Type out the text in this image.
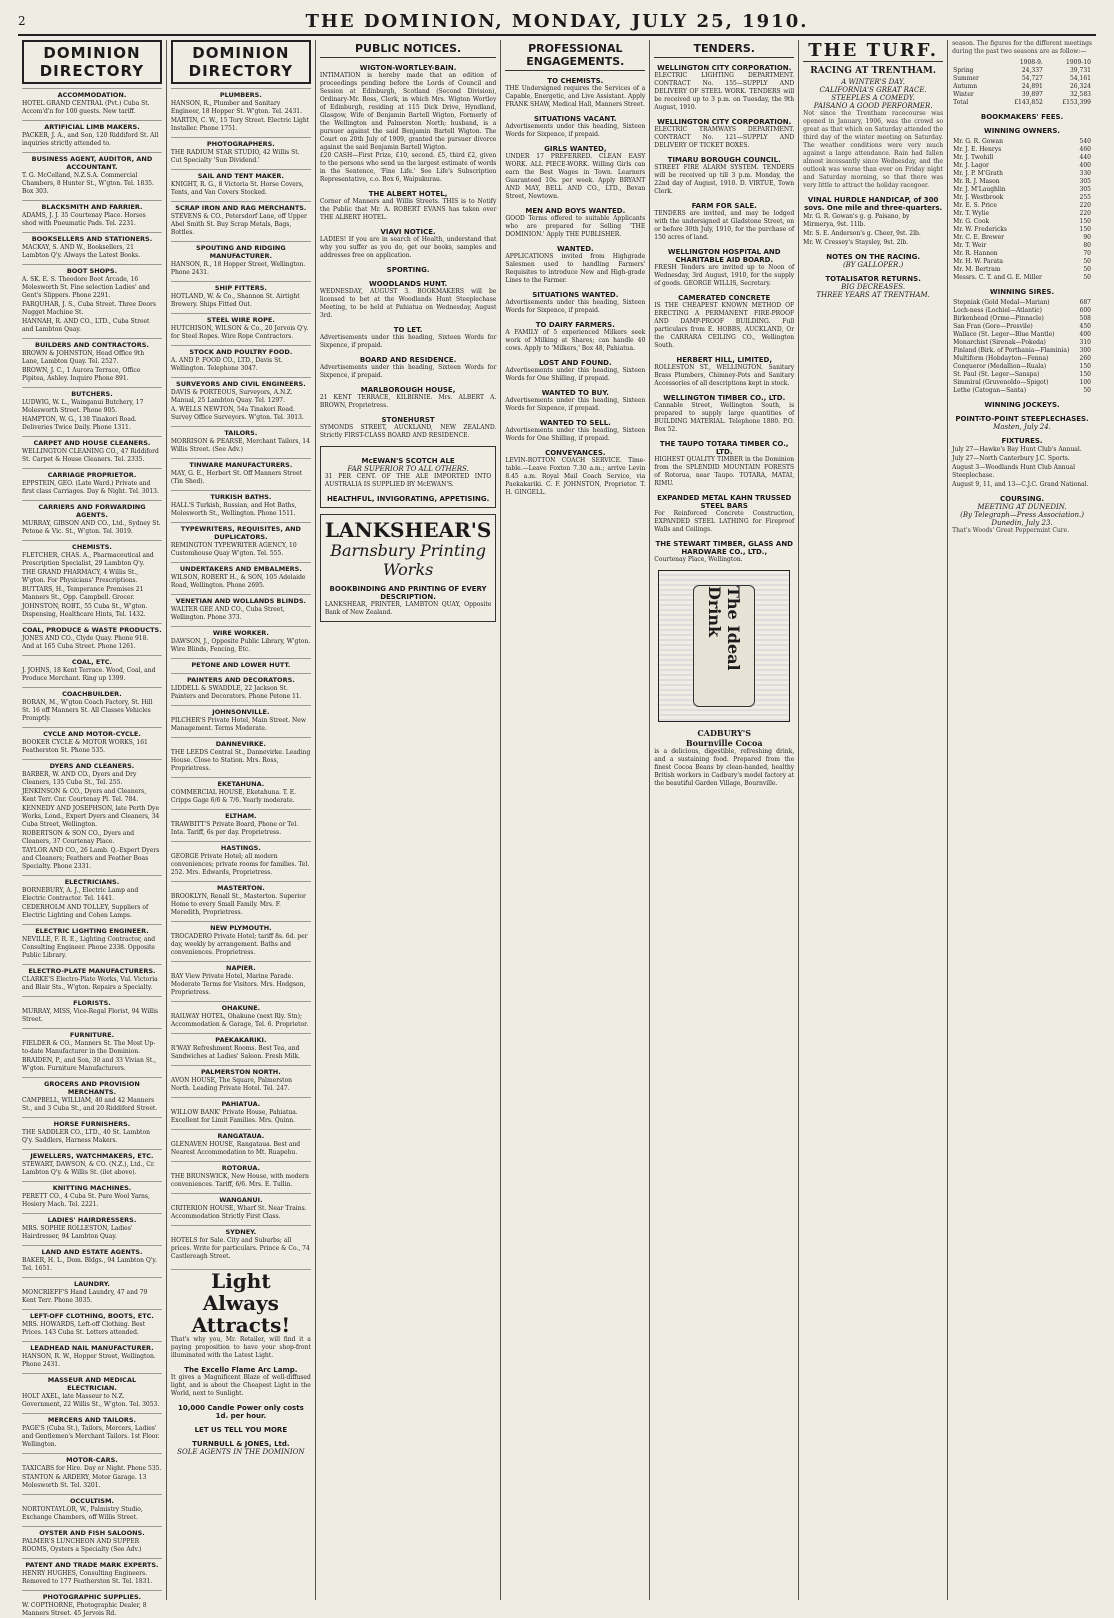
2	THE DOMINION, MONDAY, JULY 25, 1910.
DOMINION DIRECTORY
ACCOMMODATION.
HOTEL GRAND CENTRAL (Pvt.) Cuba St. Accom'd'n for 100 guests. New tariff.
ARTIFICIAL LIMB MAKERS.
PACKER, J. A., and Son, 120 Riddiford St. All inquiries strictly attended to.
BUSINESS AGENT, AUDITOR, AND ACCOUNTANT.
T. G. McCelland, N.Z.S.A. Commercial Chambers, 8 Hunter St., W'gton. Tel. 1835. Box 303.
BLACKSMITH AND FARRIER.
ADAMS, J. J. 35 Courtenay Place. Horses shod with Pneumatic Pads. Tel. 2231.
BOOKSELLERS AND STATIONERS.
MACKAY, S. AND W., Booksellers, 21 Lambton Q'y. Always the Latest Books.
BOOT SHOPS.
A. SK. E. S. Theodore Boot Arcade, 16 Molesworth St. Fine selection Ladies' and Gent's Slippers. Phone 2291.
FARQUHAR, J. S., Cuba Street. Three Doors Nugget Machine St.
HANNAH, R. AND CO., LTD., Cuba Street and Lambton Quay.
BUILDERS AND CONTRACTORS.
BROWN & JOHNSTON, Head Office 9th Lane, Lambton Quay. Tel. 2527.
BROWN, J. C., 1 Aurora Terrace, Office Pipitea, Ashley. Inquire Phone 891.
BUTCHERS.
LUDWIG, W. L., Wainganui Butchery, 17 Molesworth Street. Phone 905.
HAMPTON, W. G., 138 Tinakori Road. Deliveries Twice Daily. Phone 1311.
CARPET AND HOUSE CLEANERS.
WELLINGTON CLEANING CO., 47 Riddiford St. Carpet & House Cleaners. Tel. 2335.
CARRIAGE PROPRIETOR.
EPPSTEIN, GEO. (Late Ward.) Private and first class Carriages. Day & Night. Tel. 3013.
CARRIERS AND FORWARDING AGENTS.
MURRAY, GIBSON AND CO., Ltd., Sydney St. Petone & Vic. St., W'gton. Tel. 3019.
CHEMISTS.
FLETCHER, CHAS. A., Pharmaceutical and Prescription Specialist, 29 Lambton Q'y.
THE GRAND PHARMACY, 4 Willis St., W'gton. For Physicians' Prescriptions.
BUTTARS, H., Temperance Premises 21 Manners St., Opp. Campbell. Grocer.
JOHNSTON, ROBT., 55 Cuba St., W'gton. Dispensing, Healthcare Hints, Tel. 1432.
COAL, PRODUCE & WASTE PRODUCTS.
JONES AND CO., Clyde Quay. Phone 918. And at 165 Cuba Street. Phone 1261.
COAL, ETC.
J. JOHNS, 18 Kent Terrace. Wood, Coal, and Produce Merchant. Ring up 1399.
COACHBUILDER.
BORAN, M., W'gton Coach Factory, St. Hill St. 16 off Manners St. All Classes Vehicles Promptly.
CYCLE AND MOTOR-CYCLE.
BOOKER CYCLE & MOTOR WORKS, 161 Featherston St. Phone 535.
DYERS AND CLEANERS.
BARBER, W. AND CO., Dyers and Dry Cleaners, 135 Cuba St., Tel. 255.
JENKINSON & CO., Dyers and Cleaners, Kent Terr. Cnr. Courtenay Pl. Tel. 784.
KENNEDY AND JOSEPHSON, late Perth Dye Works, Lond., Expert Dyers and Cleaners, 34 Cuba Street, Wellington.
ROBERTSON & SON CO., Dyers and Cleaners, 37 Courtenay Place.
TAYLOR AND CO., 26 Lamb. Q.-Expert Dyers and Cleaners; Feathers and Feather Boas Specialty. Phone 2331.
ELECTRICIANS.
BORNEBURY, A. J., Electric Lamp and Electric Contractor. Tel. 1441.
CEDERHOLM AND TOLLEY, Suppliers of Electric Lighting and Cohen Lamps.
ELECTRIC LIGHTING ENGINEER.
NEVILLE, F. R. E., Lighting Contractor, and Consulting Engineer. Phone 2338. Opposite Public Library.
ELECTRO-PLATE MANUFACTURERS.
CLARKE'S Electro-Plate Works, Vul. Victoria and Blair Sts., W'gton. Repairs a Specialty.
FLORISTS.
MURRAY, MISS, Vice-Regal Florist, 94 Willis Street.
FURNITURE.
FIELDER & CO., Manners St. The Most Up-to-date Manufacturer in the Dominion.
BRAIDEN, P., and Son, 30 and 33 Vivian St., W'gton. Furniture Manufacturers.
GROCERS AND PROVISION MERCHANTS.
CAMPBELL, WILLIAM, 40 and 42 Manners St., and 3 Cuba St., and 20 Riddiford Street.
HORSE FURNISHERS.
THE SADDLER CO., LTD., 40 St. Lambton Q'y. Saddlers, Harness Makers.
JEWELLERS, WATCHMAKERS, ETC.
STEWART, DAWSON, & CO. (N.Z.), Ltd., Cr. Lambton Q'y. & Willis St. (ilet above).
KNITTING MACHINES.
PERETT CO., 4 Cuba St. Pure Wool Yarns, Hosiery Mach. Tel. 2221.
LADIES' HAIRDRESSERS.
MRS. SOPHIE ROLLESTON, Ladies' Hairdresser, 94 Lambton Quay.
LAND AND ESTATE AGENTS.
BAKER, H. L., Dom. Bldgs., 94 Lambton Q'y. Tel. 1651.
LAUNDRY.
MONCRIEFF'S Hand Laundry, 47 and 79 Kent Terr. Phone 3035.
LEFT-OFF CLOTHING, BOOTS, ETC.
MRS. HOWARDS, Left-off Clothing. Best Prices. 143 Cuba St. Letters attended.
LEADHEAD NAIL MANUFACTURER.
HANSON, R. W., Hopper Street, Wellington. Phone 2431.
MASSEUR AND MEDICAL ELECTRICIAN.
HOLT AXEL, late Masseur to N.Z. Government, 22 Willis St., W'gton. Tel. 3053.
MERCERS AND TAILORS.
PAGE'S (Cuba St.), Tailors, Mercers, Ladies' and Gentlemen's Merchant Tailors. 1st Floor. Wellington.
MOTOR-CARS.
TAXICABS for Hire. Day or Night. Phone 535.
STANTON & ARDERY, Motor Garage. 13 Molesworth St. Tel. 3201.
OCCULTISM.
NORTONTAYLOR, W., Palmistry Studio, Exchange Chambers, off Willis Street.
OYSTER AND FISH SALOONS.
PALMER'S LUNCHEON AND SUPPER ROOMS, Oysters a Specialty (See Adv.)
PATENT AND TRADE MARK EXPERTS.
HENRY HUGHES, Consulting Engineers. Removed to 177 Featherston St. Tel. 1831.
PHOTOGRAPHIC SUPPLIES.
W. COPTHORNE, Photographic Dealer, 8 Manners Street. 45 Jervois Rd.
DOMINION DIRECTORY
PLUMBERS.
HANSON, R., Plumber and Sanitary Engineer, 18 Hopper St. W'gton. Tel. 2431.
MARTIN, C. W., 15 Tory Street. Electric Light Installer. Phone 1751.
PHOTOGRAPHERS.
THE RADIUM STAR STUDIO, 42 Willis St. Cut Specialty 'Sun Dividend.'
SAIL AND TENT MAKER.
KNIGHT, R. G., 8 Victoria St. Horse Covers, Tents, and Van Covers Stocked.
SCRAP IRON AND RAG MERCHANTS.
STEVENS & CO., Petersdorf Lane, off Upper Abel Smith St. Buy Scrap Metals, Bags, Bottles.
SPOUTING AND RIDGING MANUFACTURER.
HANSON, R., 18 Hopper Street, Wellington. Phone 2431.
SHIP FITTERS.
HOTLAND, W. & Co., Shannon St. Airtight Brewery. Ships Fitted Out.
STEEL WIRE ROPE.
HUTCHISON, WILSON & Co., 20 Jervois Q'y. for Steel Ropes. Wire Rope Contractors.
STOCK AND POULTRY FOOD.
A. AND P. FOOD CO., LTD., Davis St. Wellington. Telephone 3047.
SURVEYORS AND CIVIL ENGINEERS.
DAVIS & PORTEOUS, Surveyors, A.N.Z. Manual, 25 Lambton Quay. Tel. 1297.
A. WELLS NEWTON, 54a Tinakori Road. Survey Office Surveyors. W'gton. Tel. 3013.
TAILORS.
MORRISON & PEARSE, Merchant Tailors, 14 Willis Street. (See Adv.)
TINWARE MANUFACTURERS.
MAY, G. E., Herbert St. Off Manners Street (Tin Shed).
TURKISH BATHS.
HALL'S Turkish, Russian, and Hot Baths, Molesworth St., Wellington. Phone 1511.
TYPEWRITERS, REQUISITES, AND DUPLICATORS.
REMINGTON TYPEWRITER AGENCY, 10 Customhouse Quay W'gton. Tel. 555.
UNDERTAKERS AND EMBALMERS.
WILSON, ROBERT H., & SON, 105 Adelaide Road, Wellington. Phone 2695.
VENETIAN AND WOLLANDS BLINDS.
WALTER GEE AND CO., Cuba Street, Wellington. Phone 373.
WIRE WORKER.
DAWSON, J., Opposite Public Library, W'gton. Wire Blinds, Fencing, Etc.
PETONE AND LOWER HUTT.
PAINTERS AND DECORATORS.
LIDDELL & SWADDLE, 22 Jackson St. Painters and Decorators. Phone Petone 11.
JOHNSONVILLE.
PILCHER'S Private Hotel, Main Street. New Management. Terms Moderate.
DANNEVIRKE.
THE LEEDS Central St., Dannevirke. Leading House. Close to Station. Mrs. Ross, Proprietress.
EKETAHUNA.
COMMERCIAL HOUSE, Eketahuna. T. E. Cripps Gage 6/6 & 7/6. Yearly moderate.
ELTHAM.
TRAWBITT'S Private Board, Phone or Tel. Inta. Tariff, 6s per day. Proprietress.
HASTINGS.
GEORGE Private Hotel; all modern conveniences; private rooms for families. Tel. 252. Mrs. Edwards, Proprietress.
MASTERTON.
BROOKLYN, Renall St., Masterton. Superior Home to every Small Family. Mrs. F. Meredith, Proprietress.
NEW PLYMOUTH.
TROCADERO Private Hotel; tariff 8s. 6d. per day, weekly by arrangement. Baths and conveniences. Proprietress.
NAPIER.
BAY View Private Hotel, Marine Parade. Moderate Terms for Visitors. Mrs. Hodgson, Proprietress.
OHAKUNE.
RAILWAY HOTEL, Ohakune (next Rly. Stn); Accommodation & Garage, Tel. 6. Proprietor.
PAEKAKARIKI.
R'WAY Refreshment Rooms. Best Tea, and Sandwiches at Ladies' Saloon. Fresh Milk.
PALMERSTON NORTH.
AVON HOUSE, The Square, Palmerston North. Leading Private Hotel. Tel. 247.
PAHIATUA.
WILLOW BANK' Private House, Pahiatua. Excellent for Limit Families. Mrs. Quinn.
RANGATAUA.
GLENAVEN HOUSE, Rangataua. Best and Nearest Accommodation to Mt. Ruapehu.
ROTORUA.
THE BRUNSWICK, New House, with modern conveniences. Tariff, 6/6. Mrs. E. Tullin.
WANGANUI.
CRITERION HOUSE, Wharf St. Near Trains. Accommodation Strictly First Class.
SYDNEY.
HOTELS for Sale. City and Suburbs; all prices. Write for particulars. Prince & Co., 74 Castlereagh Street.
Light
Always
Attracts!
That's why you, Mr. Retailer, will find it a paying proposition to have your shop-front illuminated with the Latest Light.
The Excello Flame Arc Lamp.
It gives a Magnificent Blaze of well-diffused light, and is about the Cheapest Light in the World, next to Sunlight.
10,000 Candle Power only costs 1d. per hour.
LET US TELL YOU MORE
TURNBULL & JONES, Ltd.
SOLE AGENTS IN THE DOMINION
PUBLIC NOTICES.
WIGTON-WORTLEY-BAIN.
INTIMATION is hereby made that an edition of proceedings pending before the Lords of Council and Session at Edinburgh, Scotland (Second Division), Ordinary-Mr. Ross, Clerk, in which Mrs. Wigton Wortley of Edinburgh, residing at 115 Dick Drive, Hyndland, Glasgow, Wife of Benjamin Bartell Wigton, Formerly of the Wellington and Palmerston North; husband, is a pursuer against the said Benjamin Bartell Wigton. The Court on 20th July of 1909, granted the pursuer divorce against the said Benjamin Bartell Wigton.
£20 CASH—First Prize, £10, second. £5, third £2, given to the persons who send us the largest estimate of words in the Sentence, 'Fine Life.' See Life's Subscription Representative, c.o. Box 6, Waipukurau.
THE ALBERT HOTEL,
Corner of Manners and Willis Streets. THIS is to Notify the Public that Mr. A. ROBERT EVANS has taken over THE ALBERT HOTEL.
VIAVI NOTICE.
LADIES! If you are in search of Health, understand that why you suffer as you do, get our books, samples and addresses free on application.
SPORTING.
WOODLANDS HUNT.
WEDNESDAY, AUGUST 3. BOOKMAKERS will be licensed to bet at the Woodlands Hunt Steeplechase Meeting, to be held at Pahiatua on Wednesday, August 3rd.
TO LET.
Advertisements under this heading, Sixteen Words for Sixpence, if prepaid.
BOARD AND RESIDENCE.
Advertisements under this heading, Sixteen Words for Sixpence, if prepaid.
MARLBOROUGH HOUSE,
21 KENT TERRACE, KILBIRNIE. Mrs. ALBERT A. BROWN, Proprietress.
STONEHURST
SYMONDS STREET, AUCKLAND, NEW ZEALAND. Strictly FIRST-CLASS BOARD AND RESIDENCE.
McEWAN'S SCOTCH ALE
FAR SUPERIOR TO ALL OTHERS.
31 PER CENT. OF THE ALE IMPORTED INTO AUSTRALIA IS SUPPLIED BY McEWAN'S.
HEALTHFUL, INVIGORATING, APPETISING.
LANKSHEAR'S
Barnsbury Printing Works
BOOKBINDING AND PRINTING OF EVERY DESCRIPTION.
LANKSHEAR, PRINTER, LAMBTON QUAY, Opposite Bank of New Zealand.
PROFESSIONAL ENGAGEMENTS.
TO CHEMISTS.
THE Undersigned requires the Services of a Capable, Energetic, and Live Assistant. Apply FRANK SHAW, Medical Hall, Manners Street.
SITUATIONS VACANT.
Advertisements under this heading, Sixteen Words for Sixpence, if prepaid.
GIRLS WANTED,
UNDER 17 PREFERRED. CLEAN EASY WORK. ALL PIECE-WORK. Willing Girls can earn the Best Wages in Town. Learners Guaranteed 10s. per week. Apply BRYANT AND MAY, BELL AND CO., LTD., Bevan Street, Newtown.
MEN AND BOYS WANTED.
GOOD Terms offered to suitable Applicants who are prepared for Selling 'THE DOMINION.' Apply THE PUBLISHER.
WANTED.
APPLICATIONS invited from Highgrade Salesmen used to handling Farmers' Requisites to introduce New and High-grade Lines to the Farmer.
SITUATIONS WANTED.
Advertisements under this heading, Sixteen Words for Sixpence, if prepaid.
TO DAIRY FARMERS.
A FAMILY of 5 experienced Milkers seek work of Milking at Shares; can handle 40 cows. Apply to 'Milkers,' Box 48, Pahiatua.
LOST AND FOUND.
Advertisements under this heading, Sixteen Words for One Shilling, if prepaid.
WANTED TO BUY.
Advertisements under this heading, Sixteen Words for Sixpence, if prepaid.
WANTED TO SELL.
Advertisements under this heading, Sixteen Words for One Shilling, if prepaid.
CONVEYANCES.
LEVIN-ROTTON COACH SERVICE. Time-table.—Leave Foxton 7.30 a.m.; arrive Levin 8.45 a.m. Royal Mail Coach Service, via Paekakariki. C. F. JOHNSTON, Proprietor. T. H. GINGELL.
TENDERS.
WELLINGTON CITY CORPORATION.
ELECTRIC LIGHTING DEPARTMENT. CONTRACT No. 155—SUPPLY AND DELIVERY OF STEEL WORK. TENDERS will be received up to 3 p.m. on Tuesday, the 9th August, 1910.
WELLINGTON CITY CORPORATION.
ELECTRIC TRAMWAYS DEPARTMENT. CONTRACT No. 121—SUPPLY AND DELIVERY OF TICKET BOXES.
TIMARU BOROUGH COUNCIL.
STREET FIRE ALARM SYSTEM. TENDERS will be received up till 3 p.m. Monday, the 22nd day of August, 1910. D. VIRTUE, Town Clerk.
FARM FOR SALE.
TENDERS are invited, and may be lodged with the undersigned at Gladstone Street, on or before 30th July, 1910, for the purchase of 150 acres of land.
WELLINGTON HOSPITAL AND CHARITABLE AID BOARD.
FRESH Tenders are invited up to Noon of Wednesday, 3rd August, 1910, for the supply of goods. GEORGE WILLIS, Secretary.
CAMERATED CONCRETE
IS THE CHEAPEST KNOWN METHOD OF ERECTING A PERMANENT FIRE-PROOF AND DAMP-PROOF BUILDING. Full particulars from E. HOBBS, AUCKLAND, Or the CARRARA CEILING CO., Wellington South.
HERBERT HILL, LIMITED,
ROLLESTON ST., WELLINGTON. Sanitary Brass Plumbers, Chimney-Pots and Sanitary Accessories of all descriptions kept in stock.
WELLINGTON TIMBER CO., LTD.
Cannable Street, Wellington South, is prepared to supply large quantities of BUILDING MATERIAL. Telephone 1880. P.O. Box 52.
THE TAUPO TOTARA TIMBER CO., LTD.
HIGHEST QUALITY TIMBER in the Dominion from the SPLENDID MOUNTAIN FORESTS of Rotorua, near Taupo. TOTARA, MATAI, RIMU.
EXPANDED METAL KAHN TRUSSED STEEL BARS
For Reinforced Concrete Construction, EXPANDED STEEL LATHING for Fireproof Walls and Ceilings.
THE STEWART TIMBER, GLASS AND HARDWARE CO., LTD.,
Courtenay Place, Wellington.
The Ideal Drink
CADBURY'S
Bournville Cocoa
is a delicious, digestible, refreshing drink, and a sustaining food. Prepared from the finest Cocoa Beans by clean-handed, healthy British workers in Cadbury's model factory at the beautiful Garden Village, Bournville.
THE TURF.
RACING AT TRENTHAM.
A WINTER'S DAY.
CALIFORNIA'S GREAT RACE.
STEEPLES A COMEDY.
PAISANO A GOOD PERFORMER.
Not since the Trentham racecourse was opened in January, 1906, was the crowd so great as that which on Saturday attended the third day of the winter meeting on Saturday. The weather conditions were very much against a large attendance. Rain had fallen almost incessantly since Wednesday, and the outlook was worse than ever on Friday night and Saturday morning, so that there was very little to attract the holiday racegoer.
VINAL HURDLE HANDICAP, of 300 sovs. One mile and three-quarters.
Mr. G. R. Gowan's g. g. Paisano, by Mirmerya, 9st. 11lb.
Mr. S. E. Anderson's g. Cheer, 9st. 2lb.
Mr. W. Cressey's Staysley, 9st. 2lb.
NOTES ON THE RACING.
(BY GALLOPER.)
TOTALISATOR RETURNS.
BIG DECREASES.
THREE YEARS AT TRENTHAM.
season. The figures for the different meetings during the past two seasons are as follow:—
	1908-9.	1909-10
Spring	24,337	39,731
Summer	54,727	54,161
Autumn	24,891	26,324
Winter	39,897	32,583
Total	£143,852	£153,399
BOOKMAKERS' FEES.
WINNING OWNERS.
Mr. G. R. Gowan	540
Mr. J. E. Henrys	460
Mr. J. Twohill	440
Mr. J. Lagor	400
Mr. J. P. M'Grath	330
Mr. R. J. Mason	305
Mr. J. M'Laughlin	305
Mr. J. Westbrook	255
Mr. E. S. Price	220
Mr. T. Wylie	220
Mr. G. Cook	150
Mr. W. Fredericks	150
Mr. C. E. Brewer	90
Mr. T. Weir	80
Mr. R. Hannon	70
Mr. H. W. Parata	50
Mr. M. Bertram	50
Messrs. C. T. and G. E. Miller	50
WINNING SIRES.
Stepniak (Gold Medal—Marian)	687
Loch-ness (Lochiel—Atlantic)	600
Birkenhead (Orme—Pinnacle)	508
San Fran (Gore—Presvile)	450
Wallace (St. Leger—Blue Mantle)	400
Monarchist (Sirenak—Pokeda)	310
Finland (Birk. of Porthania—Flaminia)	300
Multiform (Hobdayton—Fenna)	260
Conqueror (Medallion—Ruala)	150
St. Paul (St. Leger—Sanspa)	150
Simmiral (Gruvenoldo—Spigot)	100
Lethe (Catogan—Santa)	50
WINNING JOCKEYS.
POINT-TO-POINT STEEPLECHASES.
Masten, July 24.
FIXTURES.
July 27—Hawke's Bay Hunt Club's Annual.
July 27—North Canterbury J.C. Sports.
August 3—Woodlands Hunt Club Annual Steeplechase.
August 9, 11, and 13—C.J.C. Grand National.
COURSING.
MEETING AT DUNEDIN.
(By Telegraph—Press Association.) Dunedin, July 23.
That's Woods' Great Peppermint Cure.
